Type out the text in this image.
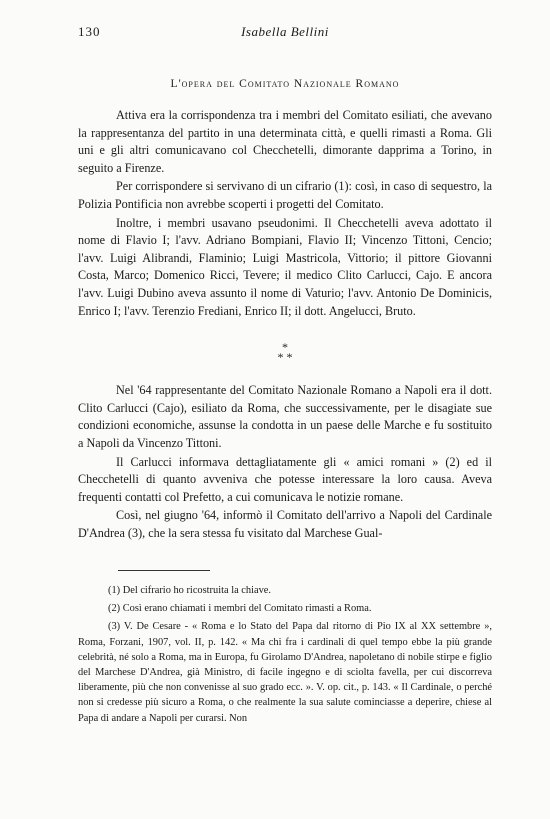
130	Isabella Bellini
L'opera del Comitato Nazionale Romano

Attiva era la corrispondenza tra i membri del Comitato esiliati, che avevano la rappresentanza del partito in una determinata città, e quelli rimasti a Roma. Gli uni e gli altri comunicavano col Checchetelli, dimorante dapprima a Torino, in seguito a Firenze.

Per corrispondere si servivano di un cifrario (1): così, in caso di sequestro, la Polizia Pontificia non avrebbe scoperti i progetti del Comitato.

Inoltre, i membri usavano pseudonimi. Il Checchetelli aveva adottato il nome di Flavio I; l'avv. Adriano Bompiani, Flavio II; Vincenzo Tittoni, Cencio; l'avv. Luigi Alibrandi, Flaminio; Luigi Mastricola, Vittorio; il pittore Giovanni Costa, Marco; Domenico Ricci, Tevere; il medico Clito Carlucci, Cajo. E ancora l'avv. Luigi Dubino aveva assunto il nome di Vaturio; l'avv. Antonio De Dominicis, Enrico I; l'avv. Terenzio Frediani, Enrico II; il dott. Angelucci, Bruto.

*
* *

Nel '64 rappresentante del Comitato Nazionale Romano a Napoli era il dott. Clito Carlucci (Cajo), esiliato da Roma, che successivamente, per le disagiate sue condizioni economiche, assunse la condotta in un paese delle Marche e fu sostituito a Napoli da Vincenzo Tittoni.

Il Carlucci informava dettagliatamente gli « amici romani » (2) ed il Checchetelli di quanto avveniva che potesse interessare la loro causa. Aveva frequenti contatti col Prefetto, a cui comunicava le notizie romane.

Così, nel giugno '64, informò il Comitato dell'arrivo a Napoli del Cardinale D'Andrea (3), che la sera stessa fu visitato dal Marchese Gual-

(1) Del cifrario ho ricostruita la chiave.

(2) Così erano chiamati i membri del Comitato rimasti a Roma.

(3) V. De Cesare - « Roma e lo Stato del Papa dal ritorno di Pio IX al XX settembre », Roma, Forzani, 1907, vol. II, p. 142. « Ma chi fra i cardinali di quel tempo ebbe la più grande celebrità, né solo a Roma, ma in Europa, fu Girolamo D'Andrea, napoletano di nobile stirpe e figlio del Marchese D'Andrea, già Ministro, di facile ingegno e di sciolta favella, per cui discorreva liberamente, più che non convenisse al suo grado ecc. ». V. op. cit., p. 143. « Il Cardinale, o perché non si credesse più sicuro a Roma, o che realmente la sua salute cominciasse a deperire, chiese al Papa di andare a Napoli per curarsi. Non
